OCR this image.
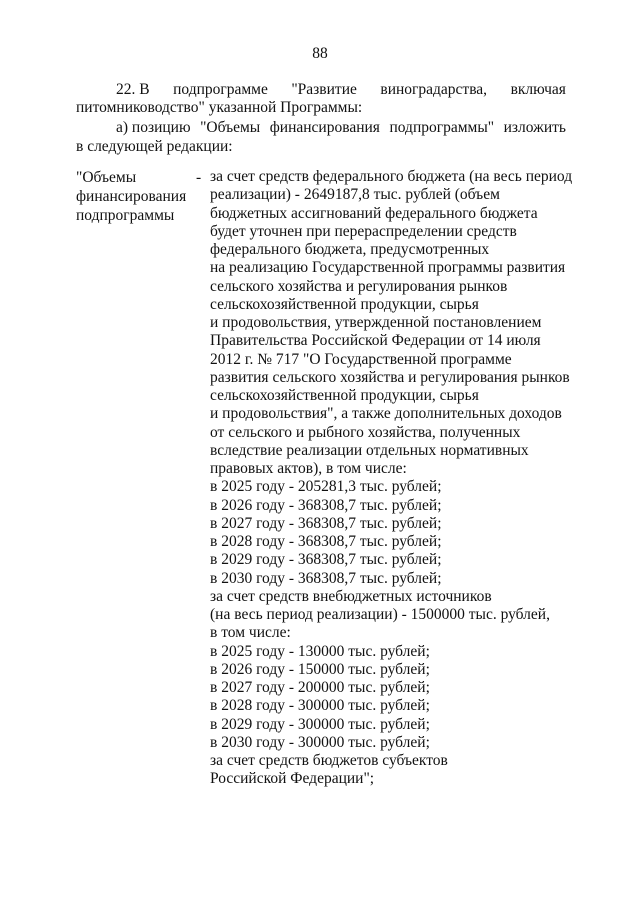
88
22. В подпрограмме "Развитие виноградарства, включая
питомниководство" указанной Программы:
а) позицию "Объемы финансирования подпрограммы" изложить
в следующей редакции:
"Объемы
финансирования
подпрограммы
- за счет средств федерального бюджета (на весь период
реализации) - 2649187,8 тыс. рублей (объем
бюджетных ассигнований федерального бюджета
будет уточнен при перераспределении средств
федерального бюджета, предусмотренных
на реализацию Государственной программы развития
сельского хозяйства и регулирования рынков
сельскохозяйственной продукции, сырья
и продовольствия, утвержденной постановлением
Правительства Российской Федерации от 14 июля
2012 г. № 717 "О Государственной программе
развития сельского хозяйства и регулирования рынков
сельскохозяйственной продукции, сырья
и продовольствия", а также дополнительных доходов
от сельского и рыбного хозяйства, полученных
вследствие реализации отдельных нормативных
правовых актов), в том числе:
в 2025 году - 205281,3 тыс. рублей;
в 2026 году - 368308,7 тыс. рублей;
в 2027 году - 368308,7 тыс. рублей;
в 2028 году - 368308,7 тыс. рублей;
в 2029 году - 368308,7 тыс. рублей;
в 2030 году - 368308,7 тыс. рублей;
за счет средств внебюджетных источников
(на весь период реализации) - 1500000 тыс. рублей,
в том числе:
в 2025 году - 130000 тыс. рублей;
в 2026 году - 150000 тыс. рублей;
в 2027 году - 200000 тыс. рублей;
в 2028 году - 300000 тыс. рублей;
в 2029 году - 300000 тыс. рублей;
в 2030 году - 300000 тыс. рублей;
за счет средств бюджетов субъектов
Российской Федерации";
